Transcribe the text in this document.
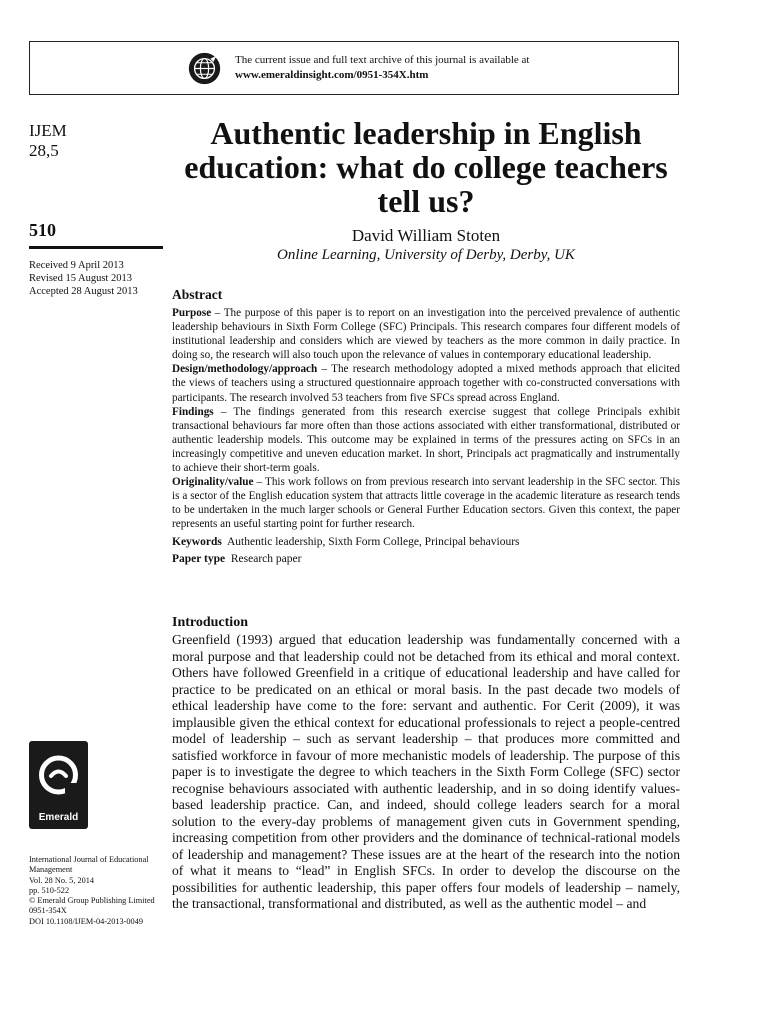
The current issue and full text archive of this journal is available at
www.emeraldinsight.com/0951-354X.htm
IJEM
28,5
510
Received 9 April 2013
Revised 15 August 2013
Accepted 28 August 2013
Authentic leadership in English education: what do college teachers tell us?
David William Stoten
Online Learning, University of Derby, Derby, UK
Abstract

Purpose – The purpose of this paper is to report on an investigation into the perceived prevalence of authentic leadership behaviours in Sixth Form College (SFC) Principals. This research compares four different models of institutional leadership and considers which are viewed by teachers as the more common in daily practice. In doing so, the research will also touch upon the relevance of values in contemporary educational leadership.

Design/methodology/approach – The research methodology adopted a mixed methods approach that elicited the views of teachers using a structured questionnaire approach together with co-constructed conversations with participants. The research involved 53 teachers from five SFCs spread across England.

Findings – The findings generated from this research exercise suggest that college Principals exhibit transactional behaviours far more often than those actions associated with either transformational, distributed or authentic leadership models. This outcome may be explained in terms of the pressures acting on SFCs in an increasingly competitive and uneven education market. In short, Principals act pragmatically and instrumentally to achieve their short-term goals.

Originality/value – This work follows on from previous research into servant leadership in the SFC sector. This is a sector of the English education system that attracts little coverage in the academic literature as research tends to be undertaken in the much larger schools or General Further Education sectors. Given this context, the paper represents an useful starting point for further research.

Keywords Authentic leadership, Sixth Form College, Principal behaviours

Paper type Research paper

Introduction

Greenfield (1993) argued that education leadership was fundamentally concerned with a moral purpose and that leadership could not be detached from its ethical and moral context. Others have followed Greenfield in a critique of educational leadership and have called for practice to be predicated on an ethical or moral basis. In the past decade two models of ethical leadership have come to the fore: servant and authentic. For Cerit (2009), it was implausible given the ethical context for educational professionals to reject a people-centred model of leadership – such as servant leadership – that produces more committed and satisfied workforce in favour of more mechanistic models of leadership. The purpose of this paper is to investigate the degree to which teachers in the Sixth Form College (SFC) sector recognise behaviours associated with authentic leadership, and in so doing identify values-based leadership practice. Can, and indeed, should college leaders search for a moral solution to the every-day problems of management given cuts in Government spending, increasing competition from other providers and the dominance of technical-rational models of leadership and management? These issues are at the heart of the research into the notion of what it means to “lead” in English SFCs. In order to develop the discourse on the possibilities for authentic leadership, this paper offers four models of leadership – namely, the transactional, transformational and distributed, as well as the authentic model – and

Emerald
International Journal of Educational Management
Vol. 28 No. 5, 2014
pp. 510-522
© Emerald Group Publishing Limited
0951-354X
DOI 10.1108/IJEM-04-2013-0049
